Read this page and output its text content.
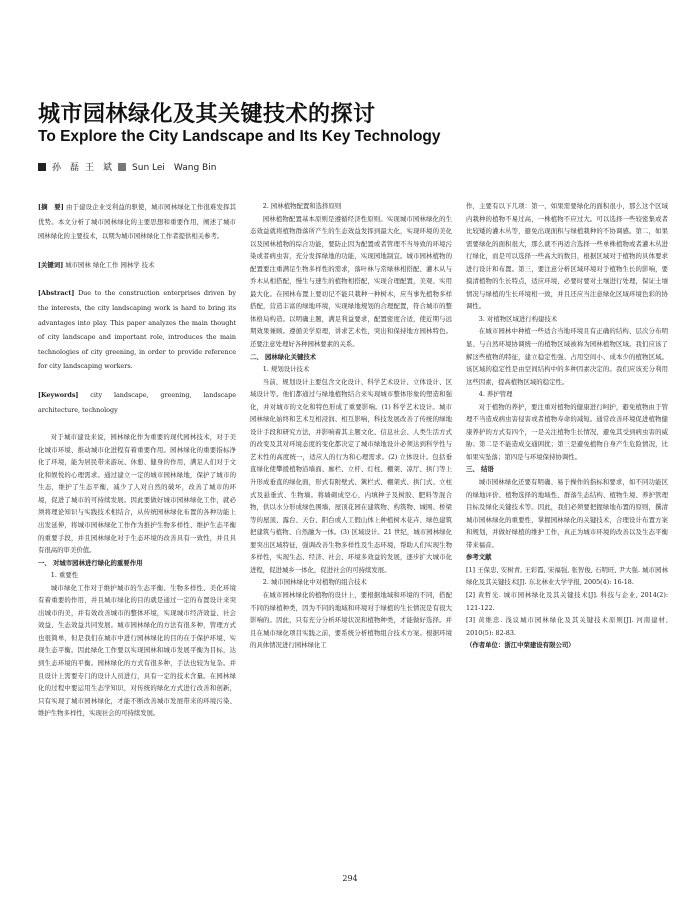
城市园林绿化及其关键技术的探讨
To Explore the City Landscape and Its Key Technology
孙　磊 王　斌 Sun Lei　Wang Bin

[摘　要] 由于建设企业受利益的驱使，城市园林绿化工作很难发挥其优势。本文分析了城市园林绿化的主要思想和重要作用，阐述了城市园林绿化的主要技术，以期为城市园林绿化工作者提供相关参考。

[关键词] 城市园林 绿化工作 园林学 技术

[Abstract] Due to the construction enterprises driven by the interests, the city landscaping work is hard to bring its advantages into play. This paper analyzes the main thought of city landscape and important role, introduces the main technologies of city greening, in order to provide reference for city landscaping workers.

[Keywords] city landscape, greening, landscape architecture, technology

对于城市建设来说，园林绿化作为重要的现代园林技术，对于美化城市环境、推动城市化进程有着重要作用。园林绿化的重要指标净化了环境，能为居民带来游玩、休憩、健身的作用，满足人们对于文化和娱悦的心理需求。通过建立一定的城市园林绿地，保护了城市的生态，维护了生态平衡，减少了人对自然的破坏，改善了城市的环境，促进了城市的可持续发展。因此要做好城市园林绿化工作，就必须将理论知识与实践技术相结合，从传统园林绿化布置的各种功能上出发延伸，将城市园林绿化工作作为推护生物多样性、维护生态平衡的重要手段，并且园林绿化对于生态环境的改善具有一致性，并且具有很高的审美价值。

一、 对城市园林进行绿化的重要作用

1. 重要性

城市绿化工作对于维护城市的生态平衡、生物多样性、美化环境有着重要的作用，并且城市绿化的目的就是通过一定的布置设计来突出城市的美，并有效改善城市的整体环境，实现城市经济效益、社会效益、生态效益共同发展。城市园林绿化的方法有很多种，管理方式也很简单，但是我们在城市中进行园林绿化的目的在于保护环境、实现生态平衡。因此绿化工作要以实现园林和城市发展平衡为目标，达到生态环境的平衡。园林绿化的方式有很多种，手法也较为复杂。并且设计上需要专门的设计人员进行，具有一定的技术含量。在园林绿化的过程中要运用生态学知识，对传统的绿化方式进行改善和创新，只有实现了城市园林绿化，才能不断改善城市发展带来的环境污染、维护生物多样性，实现社会的可持续发展。

2. 园林植物配置和选择原则

园林植物配置基本原则是遵循经济性原则。实现城市园林绿化的生态效益就将植物群落所产生的生态效益发挥到最大化，实现环境的美化以及园林植物的综合功能，要防止因为配置或者管理不当导致的环境污染或者病虫害，充分发挥绿地的功能，实现园地制宜。城市园林植物的配置要注重满足生物多样性的需求，落叶林与常绿林相搭配、灌木从与乔木从相搭配，慢生与速生的植物相搭配，实现合理配置，美观、实用最大化。在园林布置上要切记不能只栽种一种树木，应当事先植物多样搭配，营造丰富的绿地环境，实现绿地规划的合理配置，符合城市的整体格局构造。以明确主题，满足利益要求，配置密度合适，使近期与远期效果兼顾。遵循美学原理，讲求艺术性，突出和保持地方园林特色。还要注意处理好各种园林要素的关系。

二、 园林绿化关键技术

1. 规划设计技术

当前，规划设计主要包含文化设计、科学艺术设计、立体设计、区域设计等。他们都通过与绿地植物结合来实现城市整体形象的塑造和强化，并对城市的文化和特色形成了重要影响。(1) 科学艺术设计。城市园林绿化始终和艺术互相浸润、相互影响，科技发展改善了传统的绿地设计手段和研究方法，并影响着其主题文化、信息社会、人类生活方式的改变及其对环境态度的变化都决定了城市绿地设计必须达到科学性与艺术性的高度统一，适应人的行为和心理需求。(2) 立体设计。包括垂直绿化使攀援植物沿墙面、廊栏、立杆、灯柱、棚架、凉厅、拱门等上升形成垂直的绿化面，形式有附壁式、篱栏式、棚架式、拱门式、立柱式及悬垂式、生物墙。将墙砌成空心，内填种子及树胶、肥料等混合物，供以水分形成绿色围墙、屋顶花园在建筑物、构筑物、城围、桥梁等的屋顶、露台、天台、阳台或人工假山体上种植树木花卉、绿色建筑把建筑与植物、自然融为一体。(3) 区域设计。21 世纪，城市园林绿化要突出区域特征，强调改善生物多样性及生态环境，帮助人们实现生物多样性，实现生态、经济、社会、环境多效益的发展，逐步扩大城市化进程，促进城乡一体化，促进社会的可持续发展。

2. 城市园林绿化中对植物的组合技术

在城市园林绿化的植物的设计上，要根据地域和环境的不同，搭配不同的绿植种类，因为不同的地域和环境对于绿植的生长情况是有很大影响的。因此，只有充分分析环境状况和植物种类，才能做好选择。并且在城市绿化项目实践之前，要系统分析植物组合技术方案。根据环境的具体情况进行园林绿化工

作，主要有以下几项：第一，如果需要绿化的面积很小，那么这个区域内栽种的植物不易过高，一株植物不应过大。可以选择一些较密集或者比较矮的灌木丛等，避免出现面积与绿植栽种的不协调感。第二，如果需要绿化的面积很大，那么就不再适合选择一些单株植物或者灌木丛进行绿化，而是可以选择一些高大的数目，根据区域对于植物的具体要求进行设计和布置。第三，要注意分析区域环境对于植物生长的影响，要摸清植物的生长特点，适应环境，必要时要对土壤进行处理，保证土壤情况与绿植的生长环境相一致，并且还应当注意绿化区域环境色彩的协调性。

3. 对植物区域进行构建技术

在城市园林中种植一些适合当地环境且有正确的结构、层次分布明显、与自然环境协调统一的植物区域被称为园林植物区域。我们应该了解这些植物的特征，建立稳定性强、占用空间小、成本少的植物区域。该区域的稳定性是由空间结构中的多种因素决定的。我们应该充分利用这些因素，提高植物区域的稳定性。

4. 养护管理

对于植物的养护，要注重对植物的健康进行呵护，避免植物由于管理不当造成病虫害侵害或者植物寿命的减短。通常改善环境促进植物健康养护的方式有四个，一是关注植物生长情况，避免其受到病虫害的威胁；第二是不能造成交通困扰；第三是避免植物自身产生危险情况，比如果实坠落；第四是与环境保持协调性。

三、 结语

城市园林绿化还要有明确、易于操作的指标和要求，如不同功能区的绿地评价、植物选择的地域性、群落生态结构、植物生境、养护管理目标及绿化关键技术等。因此，我们必须要把握绿地布置的原则，撰清城市园林绿化的重要性，掌握园林绿化的关键技术，合理设计布置方案和规划，并做好绿植的维护工作，真正为城市环境的改善以及生态平衡带来福音。

参考文献

[1] 王保忠, 安树青, 王彩霞, 宋福强, 张智俊, 石明旺, 尹大强. 城市园林绿化及其关键技术[J]. 东北林业大学学报, 2005(4): 16-18.

[2] 黄哲光. 城市园林绿化及其关键技术[J]. 科技与企业, 2014(2): 121-122.

[3] 黄维忠. 浅议城市园林绿化及其关键技术原则[J]. 河南建材, 2010(5): 82-83.

（作者单位：浙江中荣建设有限公司）

294
